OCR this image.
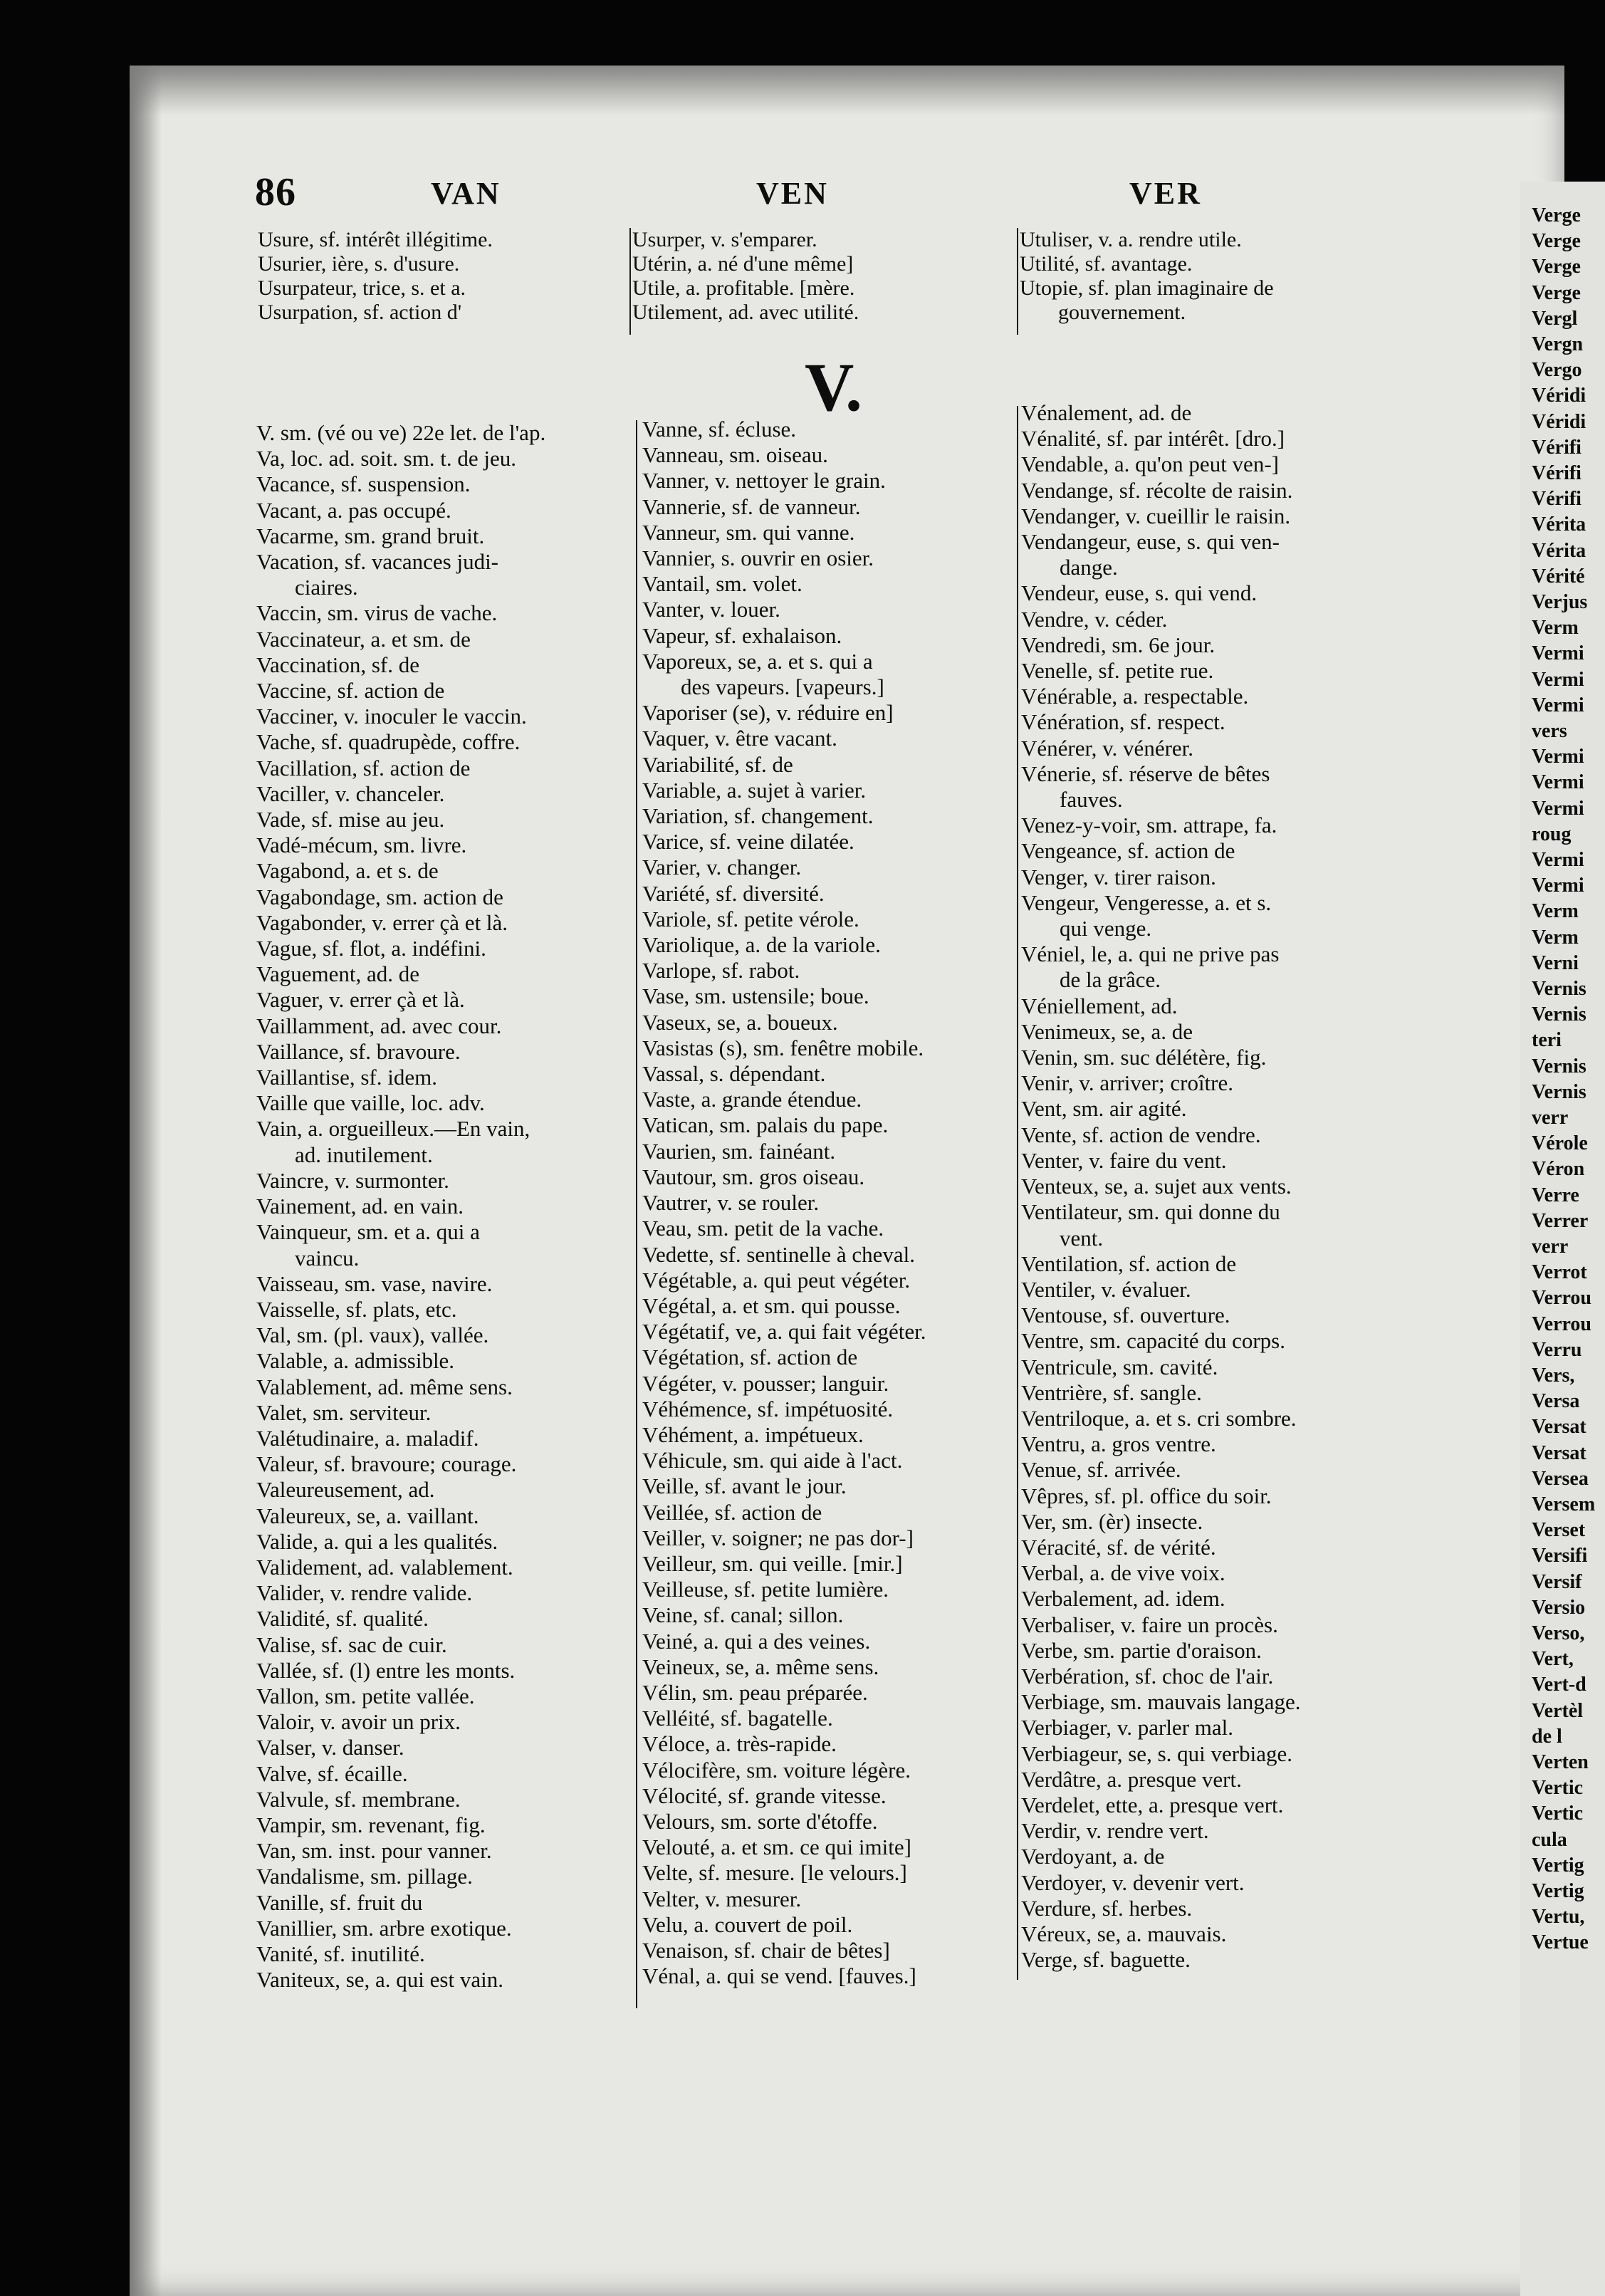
Verge
Verge
Verge
Verge
Vergl
Vergn
Vergo
Véridi
Véridi
Vérifi
Vérifi
Vérifi
Vérita
Vérita
Vérité
Verjus
Verm
Vermi
Vermi
Vermi
vers
Vermi
Vermi
Vermi
roug
Vermi
Vermi
Verm
Verm
Verni
Vernis
Vernis
teri
Vernis
Vernis
verr
Vérole
Véron
Verre
Verrer
verr
Verrot
Verrou
Verrou
Verru
Vers,
Versa
Versat
Versat
Versea
Versem
Verset
Versifi
Versif
Versio
Verso,
Vert,
Vert-d
Vertèl
de l
Verten
Vertic
Vertic
cula
Vertig
Vertig
Vertu,
Vertue
86	VAN	VEN	VER

Usure, sf. intérêt illégitime.

Usurier, ière, s. d'usure.

Usurpateur, trice, s. et a.

Usurpation, sf. action d'

Usurper, v. s'emparer.

Utérin, a. né d'une même]

Utile, a. profitable. [mère.

Utilement, ad. avec utilité.

Utuliser, v. a. rendre utile.

Utilité, sf. avantage.

Utopie, sf. plan imaginaire de

gouvernement.

V.

V. sm. (vé ou ve) 22e let. de l'ap.

Va, loc. ad. soit. sm. t. de jeu.

Vacance, sf. suspension.

Vacant, a. pas occupé.

Vacarme, sm. grand bruit.

Vacation, sf. vacances judi-

ciaires.

Vaccin, sm. virus de vache.

Vaccinateur, a. et sm. de

Vaccination, sf. de

Vaccine, sf. action de

Vacciner, v. inoculer le vaccin.

Vache, sf. quadrupède, coffre.

Vacillation, sf. action de

Vaciller, v. chanceler.

Vade, sf. mise au jeu.

Vadé-mécum, sm. livre.

Vagabond, a. et s. de

Vagabondage, sm. action de

Vagabonder, v. errer çà et là.

Vague, sf. flot, a. indéfini.

Vaguement, ad. de

Vaguer, v. errer çà et là.

Vaillamment, ad. avec cour.

Vaillance, sf. bravoure.

Vaillantise, sf. idem.

Vaille que vaille, loc. adv.

Vain, a. orgueilleux.—En vain,

ad. inutilement.

Vaincre, v. surmonter.

Vainement, ad. en vain.

Vainqueur, sm. et a. qui a

vaincu.

Vaisseau, sm. vase, navire.

Vaisselle, sf. plats, etc.

Val, sm. (pl. vaux), vallée.

Valable, a. admissible.

Valablement, ad. même sens.

Valet, sm. serviteur.

Valétudinaire, a. maladif.

Valeur, sf. bravoure; courage.

Valeureusement, ad.

Valeureux, se, a. vaillant.

Valide, a. qui a les qualités.

Validement, ad. valablement.

Valider, v. rendre valide.

Validité, sf. qualité.

Valise, sf. sac de cuir.

Vallée, sf. (l) entre les monts.

Vallon, sm. petite vallée.

Valoir, v. avoir un prix.

Valser, v. danser.

Valve, sf. écaille.

Valvule, sf. membrane.

Vampir, sm. revenant, fig.

Van, sm. inst. pour vanner.

Vandalisme, sm. pillage.

Vanille, sf. fruit du

Vanillier, sm. arbre exotique.

Vanité, sf. inutilité.

Vaniteux, se, a. qui est vain.

Vanne, sf. écluse.

Vanneau, sm. oiseau.

Vanner, v. nettoyer le grain.

Vannerie, sf. de vanneur.

Vanneur, sm. qui vanne.

Vannier, s. ouvrir en osier.

Vantail, sm. volet.

Vanter, v. louer.

Vapeur, sf. exhalaison.

Vaporeux, se, a. et s. qui a

des vapeurs. [vapeurs.]

Vaporiser (se), v. réduire en]

Vaquer, v. être vacant.

Variabilité, sf. de

Variable, a. sujet à varier.

Variation, sf. changement.

Varice, sf. veine dilatée.

Varier, v. changer.

Variété, sf. diversité.

Variole, sf. petite vérole.

Variolique, a. de la variole.

Varlope, sf. rabot.

Vase, sm. ustensile; boue.

Vaseux, se, a. boueux.

Vasistas (s), sm. fenêtre mobile.

Vassal, s. dépendant.

Vaste, a. grande étendue.

Vatican, sm. palais du pape.

Vaurien, sm. fainéant.

Vautour, sm. gros oiseau.

Vautrer, v. se rouler.

Veau, sm. petit de la vache.

Vedette, sf. sentinelle à cheval.

Végétable, a. qui peut végéter.

Végétal, a. et sm. qui pousse.

Végétatif, ve, a. qui fait végéter.

Végétation, sf. action de

Végéter, v. pousser; languir.

Véhémence, sf. impétuosité.

Véhément, a. impétueux.

Véhicule, sm. qui aide à l'act.

Veille, sf. avant le jour.

Veillée, sf. action de

Veiller, v. soigner; ne pas dor-]

Veilleur, sm. qui veille. [mir.]

Veilleuse, sf. petite lumière.

Veine, sf. canal; sillon.

Veiné, a. qui a des veines.

Veineux, se, a. même sens.

Vélin, sm. peau préparée.

Velléité, sf. bagatelle.

Véloce, a. très-rapide.

Vélocifère, sm. voiture légère.

Vélocité, sf. grande vitesse.

Velours, sm. sorte d'étoffe.

Velouté, a. et sm. ce qui imite]

Velte, sf. mesure. [le velours.]

Velter, v. mesurer.

Velu, a. couvert de poil.

Venaison, sf. chair de bêtes]

Vénal, a. qui se vend. [fauves.]

Vénalement, ad. de

Vénalité, sf. par intérêt. [dro.]

Vendable, a. qu'on peut ven-]

Vendange, sf. récolte de raisin.

Vendanger, v. cueillir le raisin.

Vendangeur, euse, s. qui ven-

dange.

Vendeur, euse, s. qui vend.

Vendre, v. céder.

Vendredi, sm. 6e jour.

Venelle, sf. petite rue.

Vénérable, a. respectable.

Vénération, sf. respect.

Vénérer, v. vénérer.

Vénerie, sf. réserve de bêtes

fauves.

Venez-y-voir, sm. attrape, fa.

Vengeance, sf. action de

Venger, v. tirer raison.

Vengeur, Vengeresse, a. et s.

qui venge.

Véniel, le, a. qui ne prive pas

de la grâce.

Véniellement, ad.

Venimeux, se, a. de

Venin, sm. suc délétère, fig.

Venir, v. arriver; croître.

Vent, sm. air agité.

Vente, sf. action de vendre.

Venter, v. faire du vent.

Venteux, se, a. sujet aux vents.

Ventilateur, sm. qui donne du

vent.

Ventilation, sf. action de

Ventiler, v. évaluer.

Ventouse, sf. ouverture.

Ventre, sm. capacité du corps.

Ventricule, sm. cavité.

Ventrière, sf. sangle.

Ventriloque, a. et s. cri sombre.

Ventru, a. gros ventre.

Venue, sf. arrivée.

Vêpres, sf. pl. office du soir.

Ver, sm. (èr) insecte.

Véracité, sf. de vérité.

Verbal, a. de vive voix.

Verbalement, ad. idem.

Verbaliser, v. faire un procès.

Verbe, sm. partie d'oraison.

Verbération, sf. choc de l'air.

Verbiage, sm. mauvais langage.

Verbiager, v. parler mal.

Verbiageur, se, s. qui verbiage.

Verdâtre, a. presque vert.

Verdelet, ette, a. presque vert.

Verdir, v. rendre vert.

Verdoyant, a. de

Verdoyer, v. devenir vert.

Verdure, sf. herbes.

Véreux, se, a. mauvais.

Verge, sf. baguette.
